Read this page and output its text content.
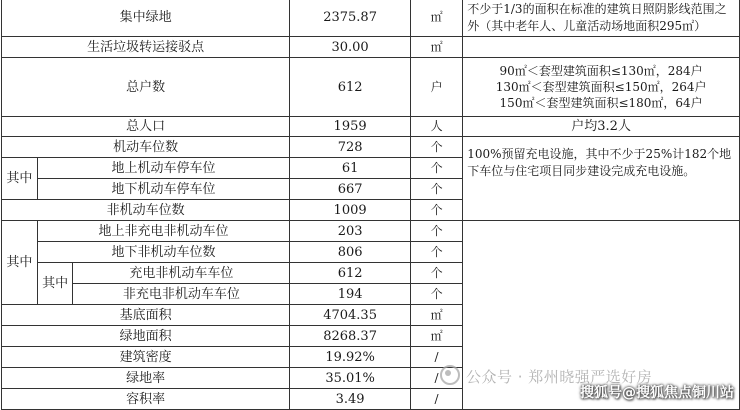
集中绿地			2375.87	㎡	不少于1/3的面积在标准的建筑日照阴影线范围之外（其中老年人、儿童活动场地面积295㎡）
生活垃圾转运接驳点			30.00	㎡	
总户数			612	户	90㎡＜套型建筑面积≤130㎡，284户
130㎡＜套型建筑面积≤150㎡，264户
150㎡＜套型建筑面积≤180㎡，64户

总人口			1959	人	户均3.2人
机动车位数			728	个	100%预留充电设施，其中不少于25%计182个地下车位与住宅项目同步建设完成充电设施。
其中	地上机动车停车位		61	个	
	地下机动车停车位		667	个	
非机动车位数			1009	个	
其中	地上非充电非机动车位		203	个	
	地下非机动车位数		806	个	
	其中	充电非机动车车位	612	个	
		非充电非机动车车位	194	个	
基底面积			4704.35	㎡	
绿地面积			8268.37	㎡	
建筑密度			19.92%	/	
绿地率			35.01%	/	
容积率			3.49	/	
公众号 · 郑州晓强严选好房
搜狐号@搜狐焦点铜川站
